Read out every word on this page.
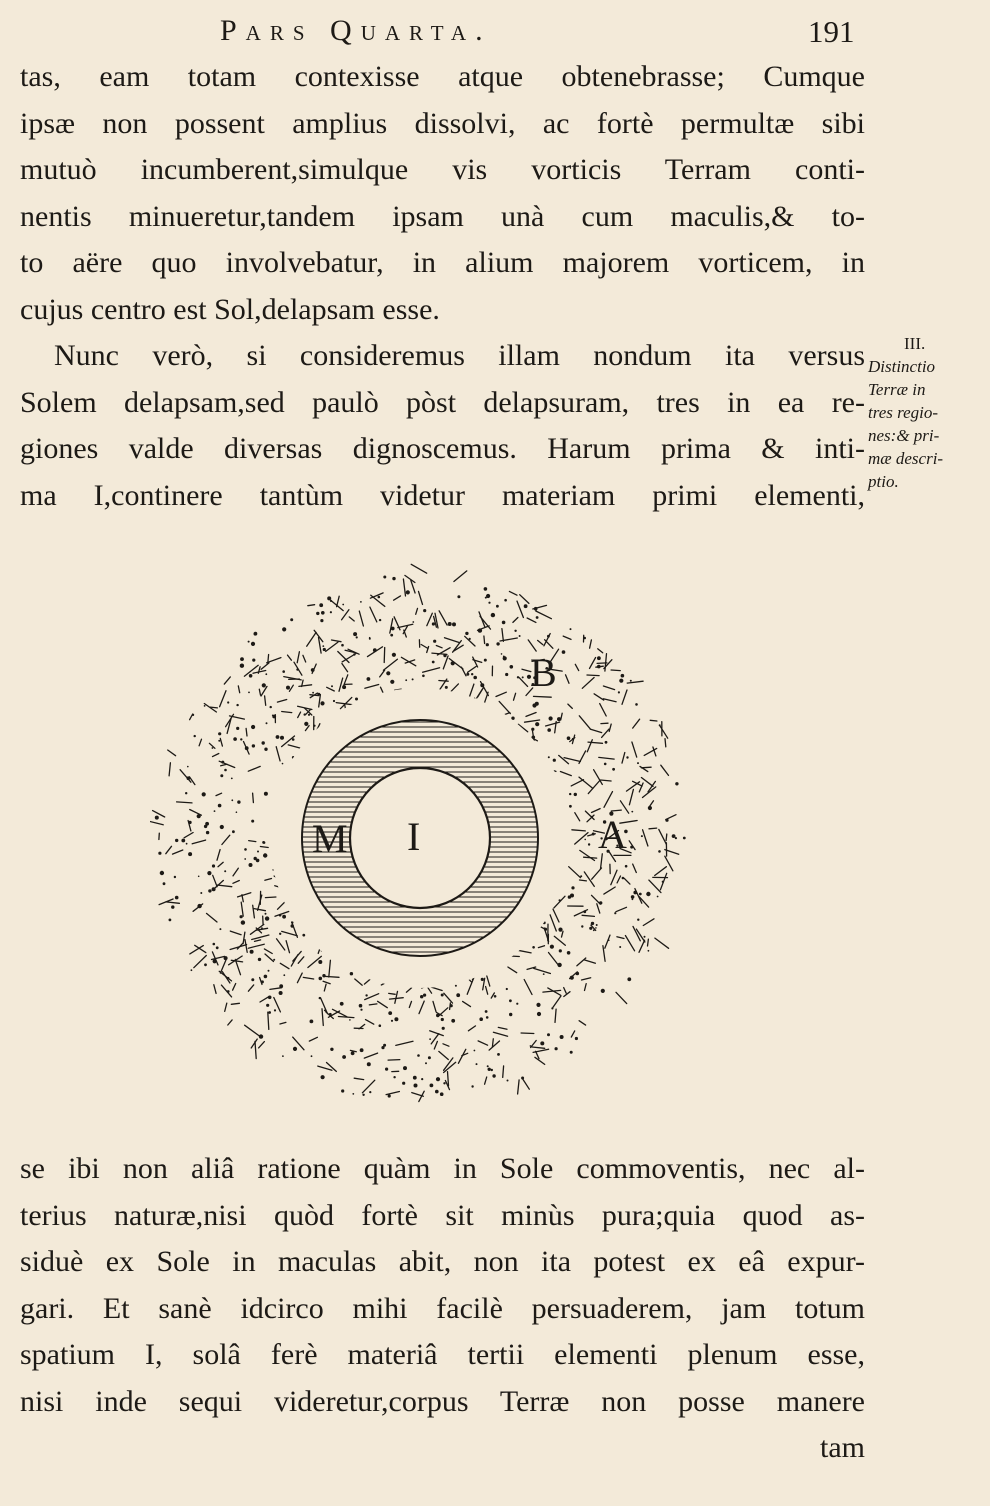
Pars Quarta.	191
tas, eam totam contexisse atque obtenebrasse; Cumque
ipsæ non possent amplius dissolvi, ac fortè permultæ sibi
mutuò incumberent,simulque vis vorticis Terram conti-
nentis minueretur,tandem ipsam unà cum maculis,& to-
to aëre quo involvebatur, in alium majorem vorticem, in
cujus centro est Sol,delapsam esse.
Nunc verò, si consideremus illam nondum ita versus
Solem delapsam,sed paulò pòst delapsuram, tres in ea re-
giones valde diversas dignoscemus. Harum prima & inti-
ma I,continere tantùm videtur materiam primi elementi,
III.
Distinctio
Terræ in
tres regio-
nes:& pri-
mæ descri-
ptio.
I
M	A
B
se ibi non aliâ ratione quàm in Sole commoventis, nec al-
terius naturæ,nisi quòd fortè sit minùs pura;quia quod as-
siduè ex Sole in maculas abit, non ita potest ex eâ expur-
gari. Et sanè idcirco mihi facilè persuaderem, jam totum
spatium I, solâ ferè materiâ tertii elementi plenum esse,
nisi inde sequi videretur,corpus Terræ non posse manere
tam
